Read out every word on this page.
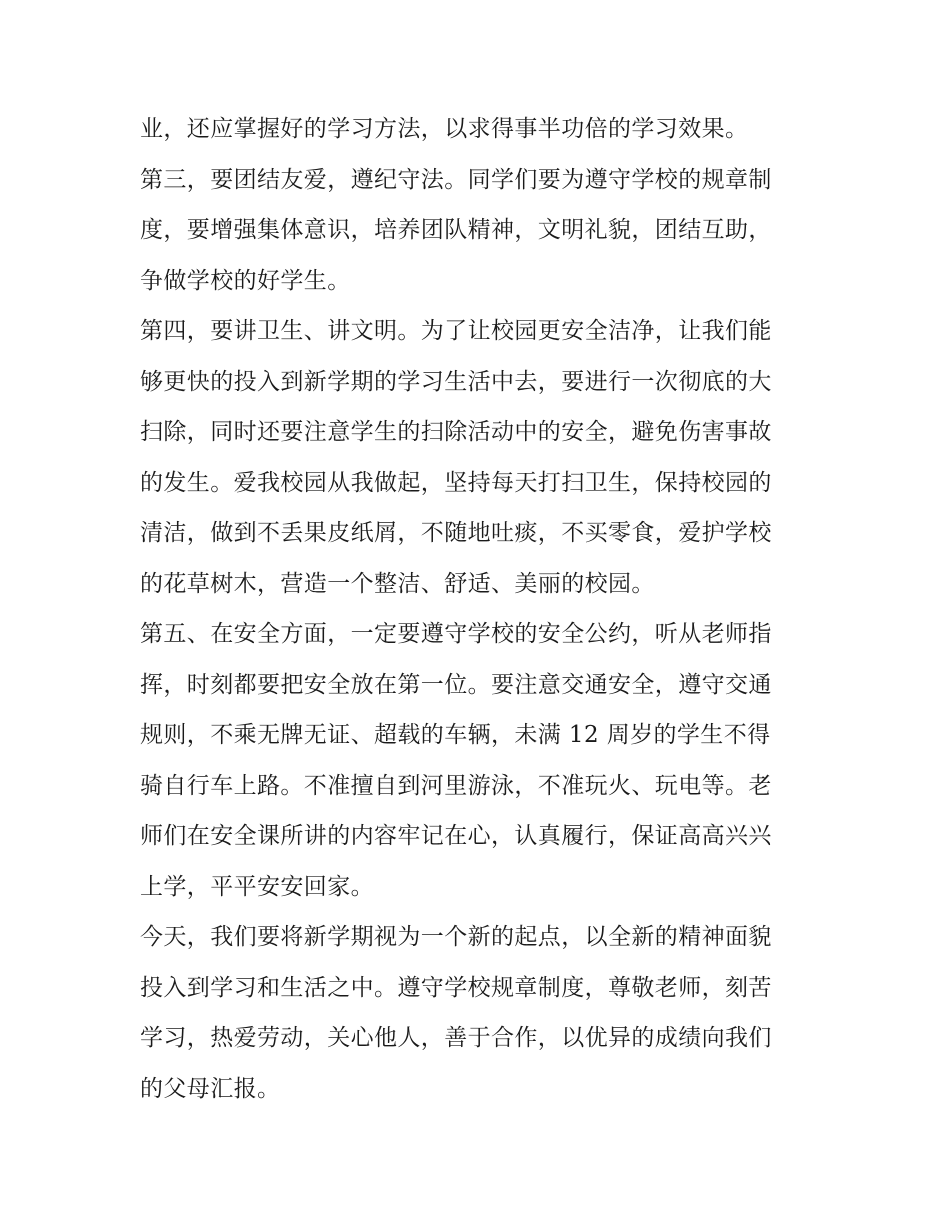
业，还应掌握好的学习方法，以求得事半功倍的学习效果。
第三，要团结友爱，遵纪守法。同学们要为遵守学校的规章制
度，要增强集体意识，培养团队精神，文明礼貌，团结互助，
争做学校的好学生。
第四，要讲卫生、讲文明。为了让校园更安全洁净，让我们能
够更快的投入到新学期的学习生活中去，要进行一次彻底的大
扫除，同时还要注意学生的扫除活动中的安全，避免伤害事故
的发生。爱我校园从我做起，坚持每天打扫卫生，保持校园的
清洁，做到不丢果皮纸屑，不随地吐痰，不买零食，爱护学校
的花草树木，营造一个整洁、舒适、美丽的校园。
第五、在安全方面，一定要遵守学校的安全公约，听从老师指
挥，时刻都要把安全放在第一位。要注意交通安全，遵守交通
规则，不乘无牌无证、超载的车辆，未满 12 周岁的学生不得
骑自行车上路。不准擅自到河里游泳，不准玩火、玩电等。老
师们在安全课所讲的内容牢记在心，认真履行，保证高高兴兴
上学，平平安安回家。
今天，我们要将新学期视为一个新的起点，以全新的精神面貌
投入到学习和生活之中。遵守学校规章制度，尊敬老师，刻苦
学习，热爱劳动，关心他人，善于合作，以优异的成绩向我们
的父母汇报。
